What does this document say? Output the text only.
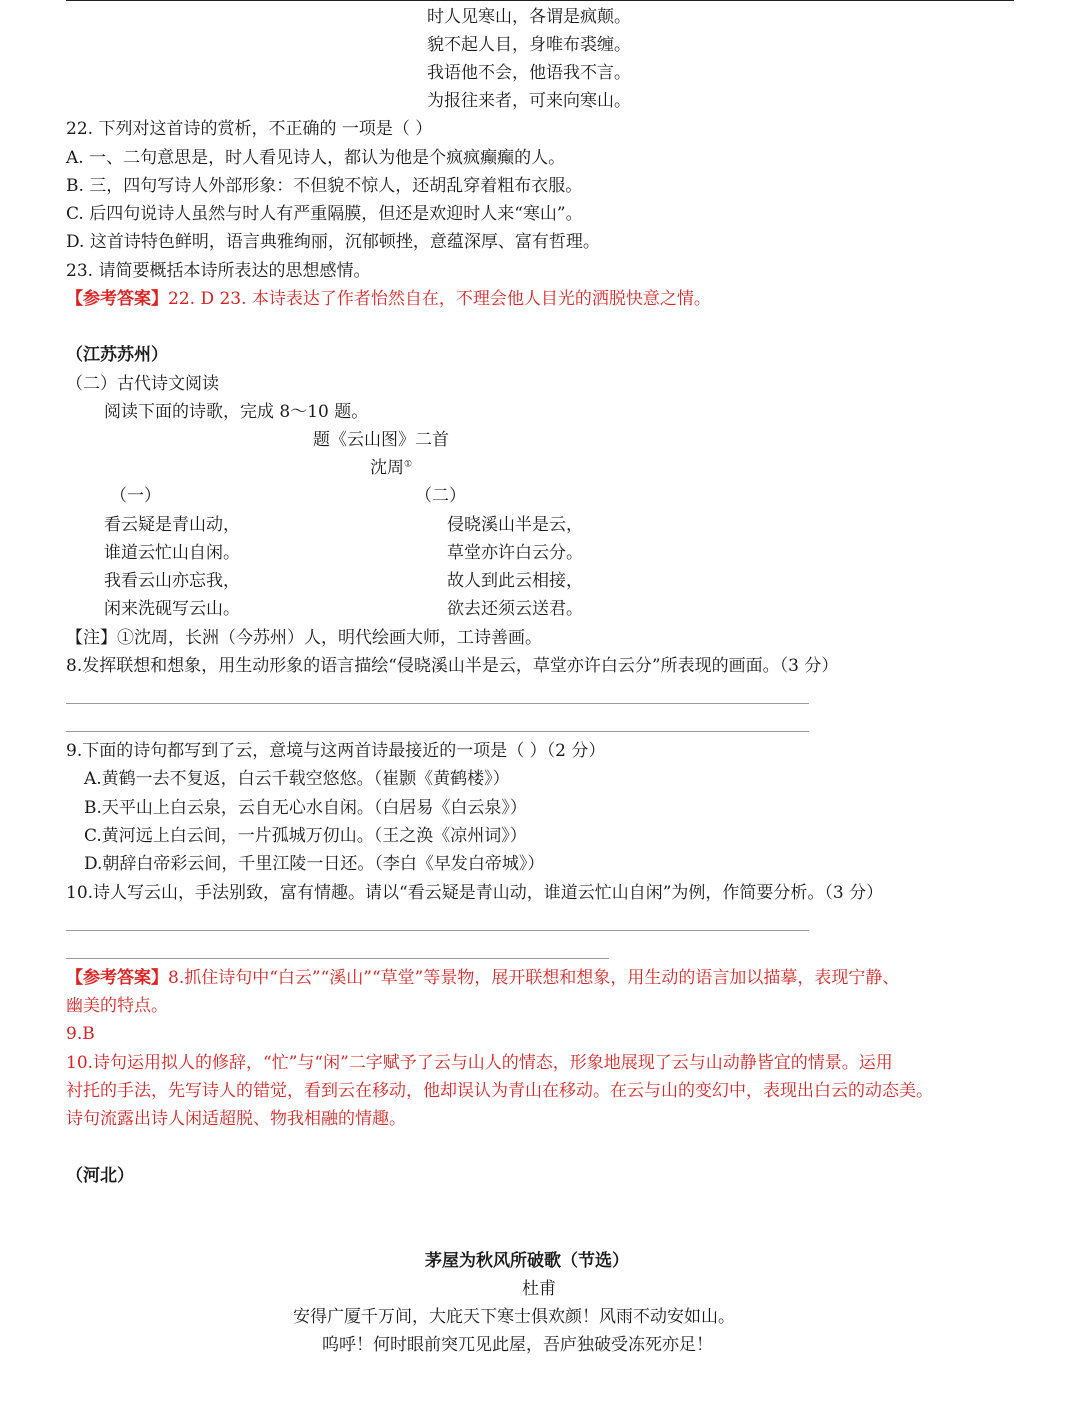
时人见寒山，各谓是疯颠。
貌不起人目，身唯布裘缠。
我语他不会，他语我不言。
为报往来者，可来向寒山。
22. 下列对这首诗的赏析，不正确的 一项是（ ）
A. 一、二句意思是，时人看见诗人，都认为他是个疯疯癫癫的人。
B. 三，四句写诗人外部形象：不但貌不惊人，还胡乱穿着粗布衣服。
C. 后四句说诗人虽然与时人有严重隔膜，但还是欢迎时人来“寒山”。
D. 这首诗特色鲜明，语言典雅绚丽，沉郁顿挫，意蕴深厚、富有哲理。
23. 请简要概括本诗所表达的思想感情。
【参考答案】22. D 23. 本诗表达了作者怡然自在，不理会他人目光的洒脱快意之情。
（江苏苏州）
（二）古代诗文阅读
阅读下面的诗歌，完成 8～10 题。
题《云山图》二首
沈周①
（一）	（二）
看云疑是青山动，
谁道云忙山自闲。
我看云山亦忘我，
闲来洗砚写云山。
侵晓溪山半是云，
草堂亦许白云分。
故人到此云相接，
欲去还须云送君。
【注】①沈周，长洲（今苏州）人，明代绘画大师，工诗善画。
8.发挥联想和想象，用生动形象的语言描绘“侵晓溪山半是云，草堂亦许白云分”所表现的画面。（3 分）
9.下面的诗句都写到了云，意境与这两首诗最接近的一项是（ ）（2 分）
A.黄鹤一去不复返，白云千载空悠悠。（崔颢《黄鹤楼》）
B.天平山上白云泉，云自无心水自闲。（白居易《白云泉》）
C.黄河远上白云间，一片孤城万仞山。（王之涣《凉州词》）
D.朝辞白帝彩云间，千里江陵一日还。（李白《早发白帝城》）
10.诗人写云山，手法别致，富有情趣。请以“看云疑是青山动，谁道云忙山自闲”为例，作简要分析。（3 分）
【参考答案】8.抓住诗句中“白云”“溪山”“草堂”等景物，展开联想和想象，用生动的语言加以描摹，表现宁静、
幽美的特点。
9.B
10.诗句运用拟人的修辞，“忙”与“闲”二字赋予了云与山人的情态，形象地展现了云与山动静皆宜的情景。运用
衬托的手法，先写诗人的错觉，看到云在移动，他却误认为青山在移动。在云与山的变幻中，表现出白云的动态美。
诗句流露出诗人闲适超脱、物我相融的情趣。
（河北）
茅屋为秋风所破歌（节选）
杜甫
安得广厦千万间，大庇天下寒士俱欢颜！风雨不动安如山。
呜呼！何时眼前突兀见此屋，吾庐独破受冻死亦足！
